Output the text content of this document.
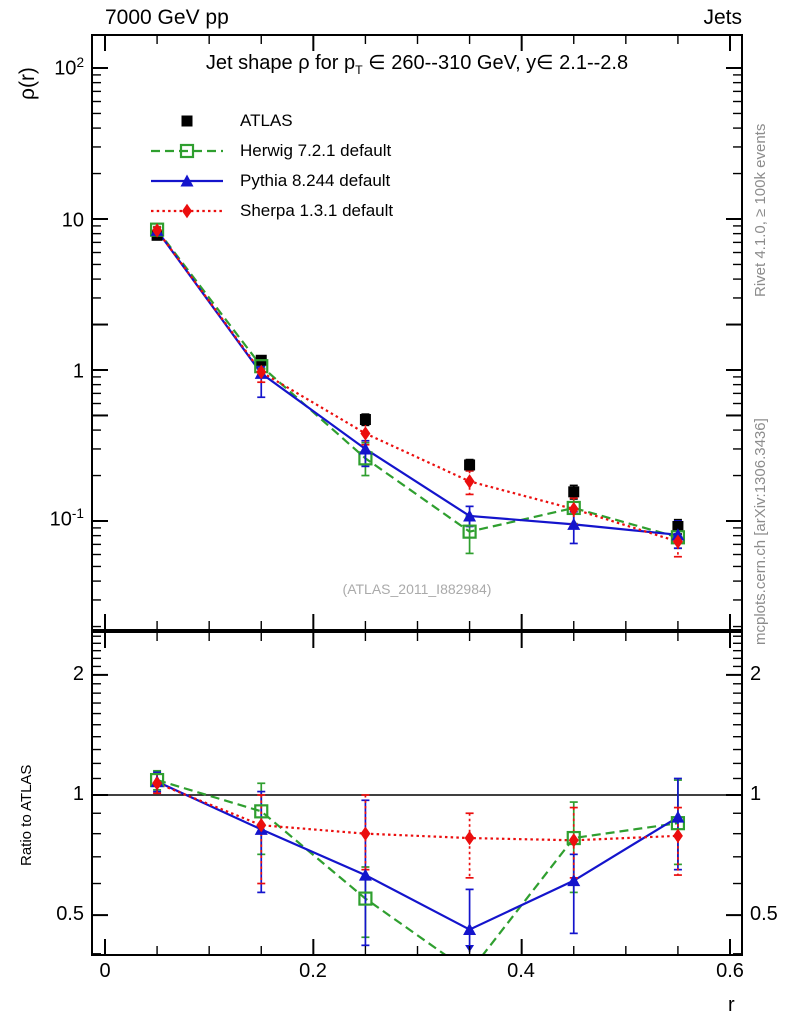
7000 GeV pp	Jets
Jet shape ρ for $p_T$ ∈ 260--310 GeV, y∈ 2.1--2.8
ρ(r)
Ratio to ATLAS
$10^2$
10
1
$10^{-1}$
2
1
0.5
2
1
0.5
0	0.2	0.4	0.6
r
Rivet 4.1.0, ≥ 100k events
mcplots.cern.ch [arXiv:1306.3436]
(ATLAS_2011_I882984)
ATLAS
Herwig 7.2.1 default
Pythia 8.244 default
Sherpa 1.3.1 default
